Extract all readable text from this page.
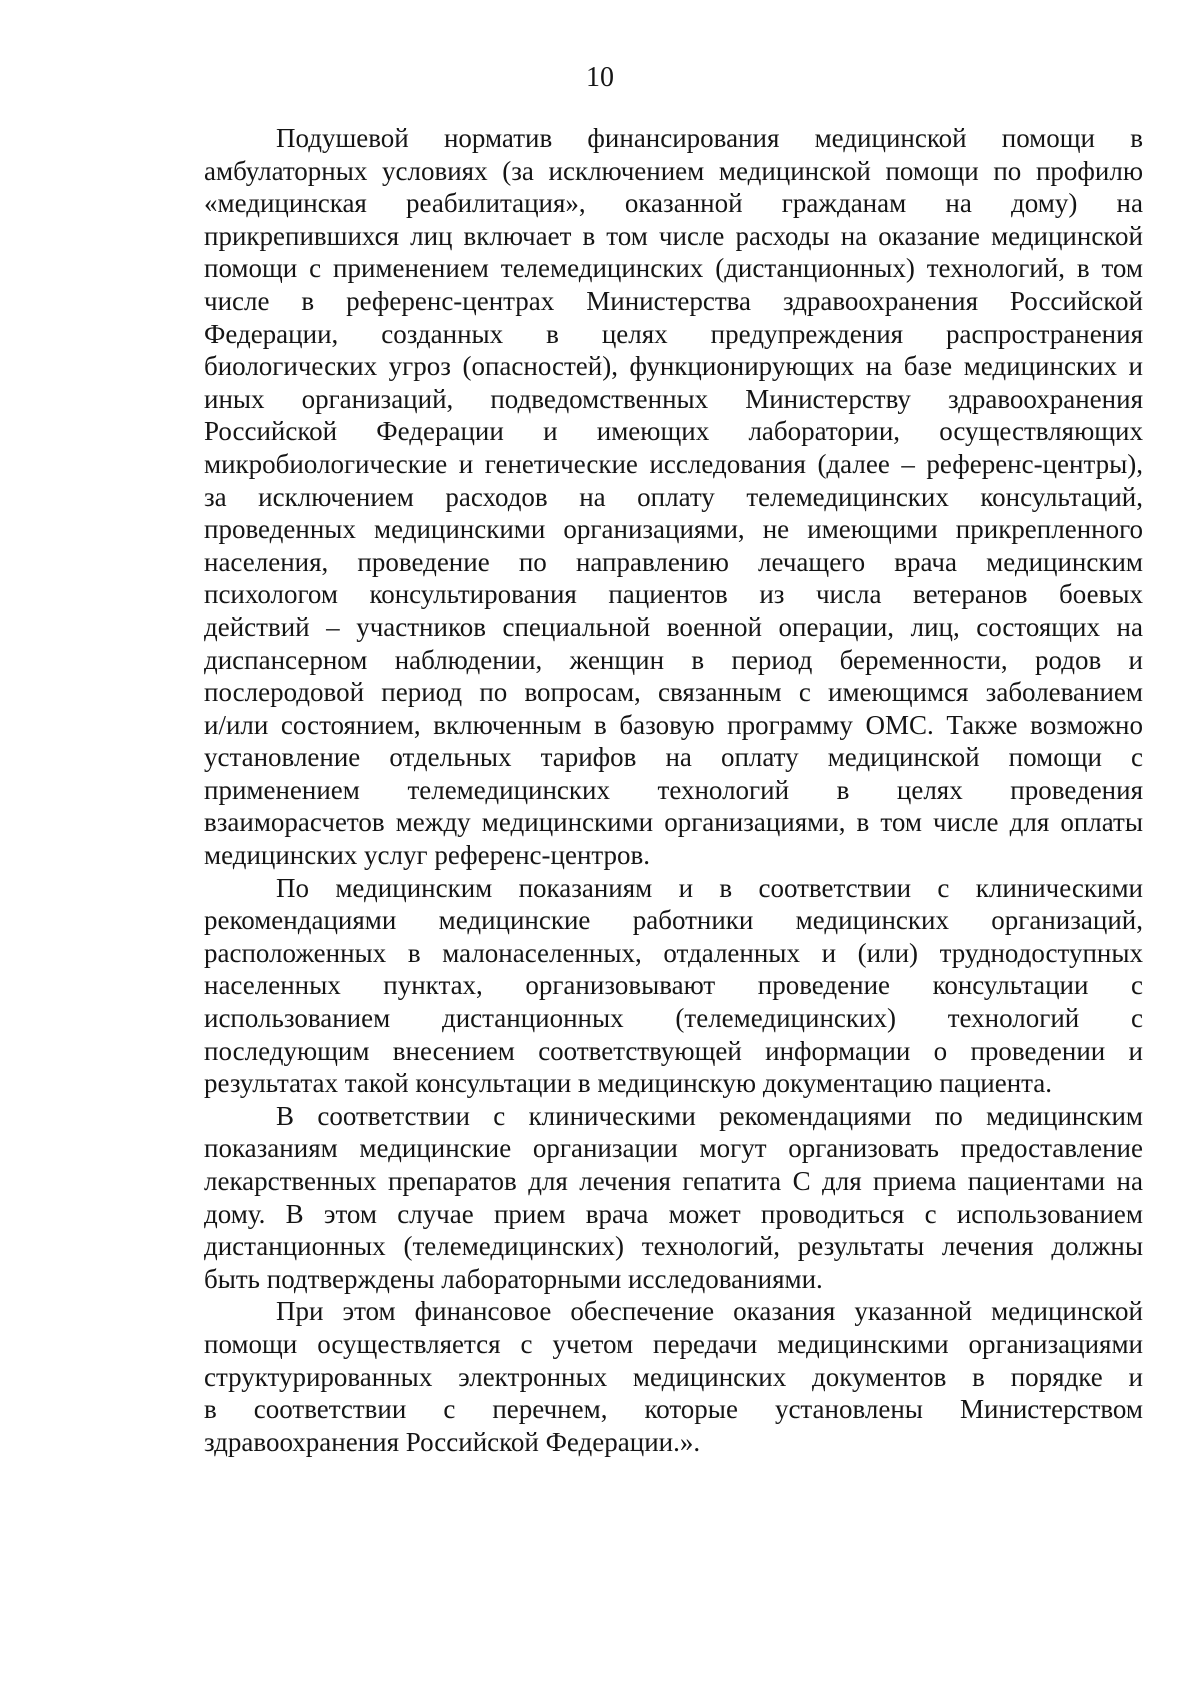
10
Подушевой норматив финансирования медицинской помощи в
амбулаторных условиях (за исключением медицинской помощи по профилю
«медицинская реабилитация», оказанной гражданам на дому) на
прикрепившихся лиц включает в том числе расходы на оказание медицинской
помощи с применением телемедицинских (дистанционных) технологий, в том
числе в референс-центрах Министерства здравоохранения Российской
Федерации, созданных в целях предупреждения распространения
биологических угроз (опасностей), функционирующих на базе медицинских и
иных организаций, подведомственных Министерству здравоохранения
Российской Федерации и имеющих лаборатории, осуществляющих
микробиологические и генетические исследования (далее – референс-центры),
за исключением расходов на оплату телемедицинских консультаций,
проведенных медицинскими организациями, не имеющими прикрепленного
населения, проведение по направлению лечащего врача медицинским
психологом консультирования пациентов из числа ветеранов боевых
действий – участников специальной военной операции, лиц, состоящих на
диспансерном наблюдении, женщин в период беременности, родов и
послеродовой период по вопросам, связанным с имеющимся заболеванием
и/или состоянием, включенным в базовую программу ОМС. Также возможно
установление отдельных тарифов на оплату медицинской помощи с
применением телемедицинских технологий в целях проведения
взаиморасчетов между медицинскими организациями, в том числе для оплаты
медицинских услуг референс-центров.
По медицинским показаниям и в соответствии с клиническими
рекомендациями медицинские работники медицинских организаций,
расположенных в малонаселенных, отдаленных и (или) труднодоступных
населенных пунктах, организовывают проведение консультации с
использованием дистанционных (телемедицинских) технологий с
последующим внесением соответствующей информации о проведении и
результатах такой консультации в медицинскую документацию пациента.
В соответствии с клиническими рекомендациями по медицинским
показаниям медицинские организации могут организовать предоставление
лекарственных препаратов для лечения гепатита С для приема пациентами на
дому. В этом случае прием врача может проводиться с использованием
дистанционных (телемедицинских) технологий, результаты лечения должны
быть подтверждены лабораторными исследованиями.
При этом финансовое обеспечение оказания указанной медицинской
помощи осуществляется с учетом передачи медицинскими организациями
структурированных электронных медицинских документов в порядке и
в соответствии с перечнем, которые установлены Министерством
здравоохранения Российской Федерации.».
